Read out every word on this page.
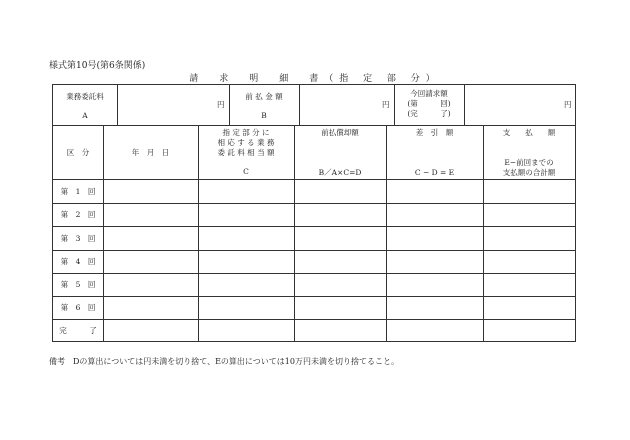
様式第10号(第6条関係)
請　求　明　細　書（指 定 部 分）
業務委託料
A
円
前 払 金 額
B
円
今回請求額
(第　　　回)
(完　　　了)
円
区　分	年　月　日
指 定 部 分 に
相 応 す る 業 務
委 託 料 相 当 額
C
前払償却額
B／A×C=D
差　引　額
C − D = E
支　　払　　額
E−前回までの
支払額の合計額
第　1　回
第　2　回
第　3　回
第　4　回
第　5　回
第　6　回
完　　　了
備考　Dの算出については円未満を切り捨て、Eの算出については10万円未満を切り捨てること。
